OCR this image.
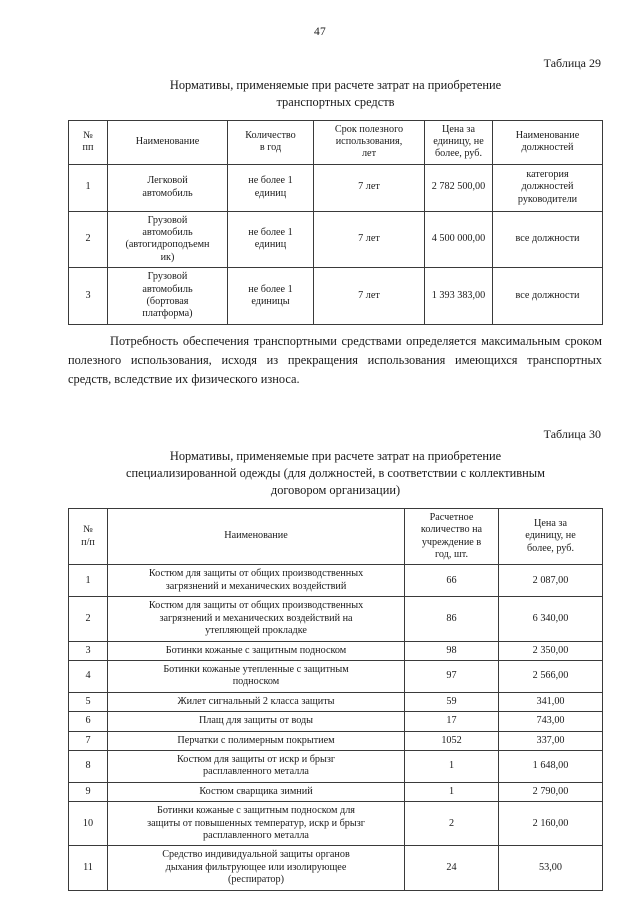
47
Таблица 29
Нормативы, применяемые при расчете затрат на приобретение
транспортных средств
№
пп	Наименование	Количество
в год	Срок полезного
использования,
лет	Цена за
единицу, не
более, руб.	Наименование
должностей
1	Легковой
автомобиль	не более 1
единиц	7 лет	2 782 500,00	категория
должностей
руководители
2	Грузовой
автомобиль
(автогидроподъемн
ик)	не более 1
единиц	7 лет	4 500 000,00	все должности
3	Грузовой
автомобиль
(бортовая
платформа)	не более 1
единицы	7 лет	1 393 383,00	все должности

Потребность обеспечения транспортными средствами определяется максимальным сроком полезного использования, исходя из прекращения использования имеющихся транспортных средств, вследствие их физического износа.

Таблица 30
Нормативы, применяемые при расчете затрат на приобретение
специализированной одежды (для должностей, в соответствии с коллективным
договором организации)
№
п/п	Наименование	Расчетное
количество на
учреждение в
год, шт.	Цена за
единицу, не
более, руб.
1	Костюм для защиты от общих производственных
загрязнений и механических воздействий	66	2 087,00
2	Костюм для защиты от общих производственных
загрязнений и механических воздействий на
утепляющей прокладке	86	6 340,00
3	Ботинки кожаные с защитным подноском	98	2 350,00
4	Ботинки кожаные утепленные с защитным
подноском	97	2 566,00
5	Жилет сигнальный 2 класса защиты	59	341,00
6	Плащ для защиты от воды	17	743,00
7	Перчатки с полимерным покрытием	1052	337,00
8	Костюм для защиты от искр и брызг
расплавленного металла	1	1 648,00
9	Костюм сварщика зимний	1	2 790,00
10	Ботинки кожаные с защитным подноском для
защиты от повышенных температур, искр и брызг
расплавленного металла	2	2 160,00
11	Средство индивидуальной защиты органов
дыхания фильтрующее или изолирующее
(респиратор)	24	53,00
